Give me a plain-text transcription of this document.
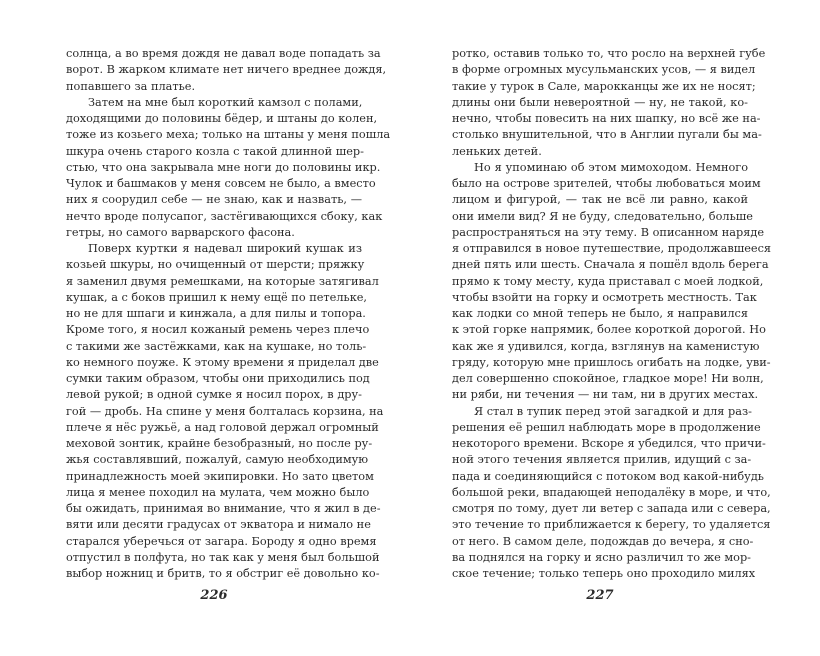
солнца, а во время дождя не давал воде попадать за
ворот. В жарком климате нет ничего вреднее дождя,
попавшего за платье.
Затем на мне был короткий камзол с полами,
доходящими до половины бёдер, и штаны до колен,
тоже из козьего меха; только на штаны у меня пошла
шкура очень старого козла с такой длинной шер-
стью, что она закрывала мне ноги до половины икр.
Чулок и башмаков у меня совсем не было, а вместо
них я соорудил себе — не знаю, как и назвать, —
нечто вроде полусапог, застёгивающихся сбоку, как
гетры, но самого варварского фасона.
Поверх куртки я надевал широкий кушак из
козьей шкуры, но очищенный от шерсти; пряжку
я заменил двумя ремешками, на которые затягивал
кушак, а с боков пришил к нему ещё по петельке,
но не для шпаги и кинжала, а для пилы и топора.
Кроме того, я носил кожаный ремень через плечо
с такими же застёжками, как на кушаке, но толь-
ко немного поуже. К этому времени я приделал две
сумки таким образом, чтобы они приходились под
левой рукой; в одной сумке я носил порох, в дру-
гой — дробь. На спине у меня болталась корзина, на
плече я нёс ружьё, а над головой держал огромный
меховой зонтик, крайне безобразный, но после ру-
жья составлявший, пожалуй, самую необходимую
принадлежность моей экипировки. Но зато цветом
лица я менее походил на мулата, чем можно было
бы ожидать, принимая во внимание, что я жил в де-
вяти или десяти градусах от экватора и нимало не
старался уберечься от загара. Бороду я одно время
отпустил в полфута, но так как у меня был большой
выбор ножниц и бритв, то я обстриг её довольно ко-
226
ротко, оставив только то, что росло на верхней губе
в форме огромных мусульманских усов, — я видел
такие у турок в Сале, марокканцы же их не носят;
длины они были невероятной — ну, не такой, ко-
нечно, чтобы повесить на них шапку, но всё же на-
столько внушительной, что в Англии пугали бы ма-
леньких детей.
Но я упоминаю об этом мимоходом. Немного
было на острове зрителей, чтобы любоваться моим
лицом и фигурой, — так не всё ли равно, какой
они имели вид? Я не буду, следовательно, больше
распространяться на эту тему. В описанном наряде
я отправился в новое путешествие, продолжавшееся
дней пять или шесть. Сначала я пошёл вдоль берега
прямо к тому месту, куда приставал с моей лодкой,
чтобы взойти на горку и осмотреть местность. Так
как лодки со мной теперь не было, я направился
к этой горке напрямик, более короткой дорогой. Но
как же я удивился, когда, взглянув на каменистую
гряду, которую мне пришлось огибать на лодке, уви-
дел совершенно спокойное, гладкое море! Ни волн,
ни ряби, ни течения — ни там, ни в других местах.
Я стал в тупик перед этой загадкой и для раз-
решения её решил наблюдать море в продолжение
некоторого времени. Вскоре я убедился, что причи-
ной этого течения является прилив, идущий с за-
пада и соединяющийся с потоком вод какой-нибудь
большой реки, впадающей неподалёку в море, и что,
смотря по тому, дует ли ветер с запада или с севера,
это течение то приближается к берегу, то удаляется
от него. В самом деле, подождав до вечера, я сно-
ва поднялся на горку и ясно различил то же мор-
ское течение; только теперь оно проходило милях
227
